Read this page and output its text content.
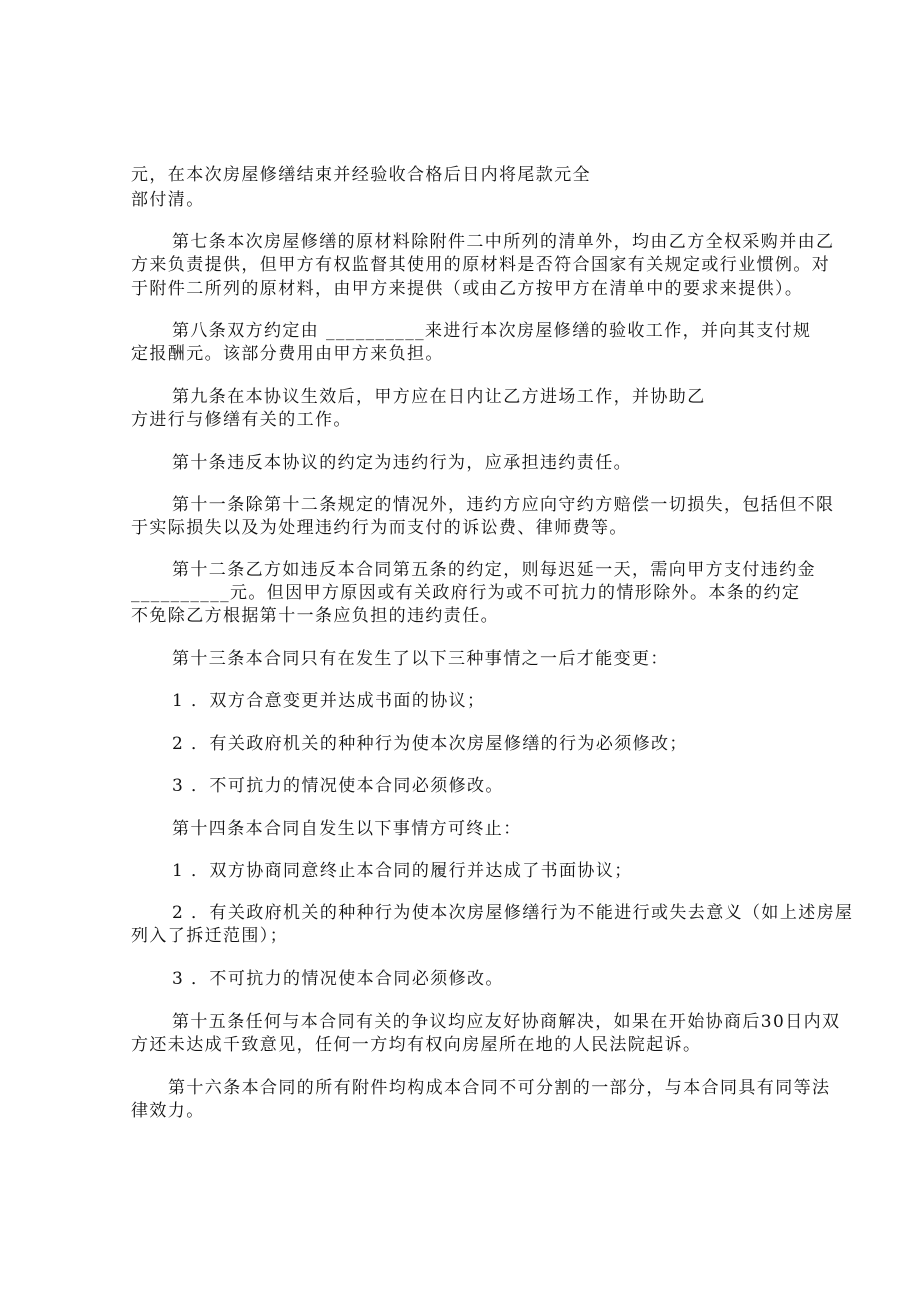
元，在本次房屋修缮结束并经验收合格后日内将尾款元全
部付清。
第七条本次房屋修缮的原材料除附件二中所列的清单外，均由乙方全权采购并由乙
方来负责提供，但甲方有权监督其使用的原材料是否符合国家有关规定或行业惯例。对
于附件二所列的原材料，由甲方来提供（或由乙方按甲方在清单中的要求来提供）。
第八条双方约定由 __________来进行本次房屋修缮的验收工作，并向其支付规
定报酬元。该部分费用由甲方来负担。
第九条在本协议生效后，甲方应在日内让乙方进场工作，并协助乙
方进行与修缮有关的工作。
第十条违反本协议的约定为违约行为，应承担违约责任。
第十一条除第十二条规定的情况外，违约方应向守约方赔偿一切损失，包括但不限
于实际损失以及为处理违约行为而支付的诉讼费、律师费等。
第十二条乙方如违反本合同第五条的约定，则每迟延一天，需向甲方支付违约金
__________元。但因甲方原因或有关政府行为或不可抗力的情形除外。本条的约定
不免除乙方根据第十一条应负担的违约责任。
第十三条本合同只有在发生了以下三种事情之一后才能变更：
1 ．双方合意变更并达成书面的协议；
2 ．有关政府机关的种种行为使本次房屋修缮的行为必须修改；
3 ．不可抗力的情况使本合同必须修改。
第十四条本合同自发生以下事情方可终止：
1 ．双方协商同意终止本合同的履行并达成了书面协议；
2 ．有关政府机关的种种行为使本次房屋修缮行为不能进行或失去意义（如上述房屋
列入了拆迁范围）；
3 ．不可抗力的情况使本合同必须修改。
第十五条任何与本合同有关的争议均应友好协商解决，如果在开始协商后30日内双
方还未达成千致意见，任何一方均有权向房屋所在地的人民法院起诉。
第十六条本合同的所有附件均构成本合同不可分割的一部分，与本合同具有同等法
律效力。
